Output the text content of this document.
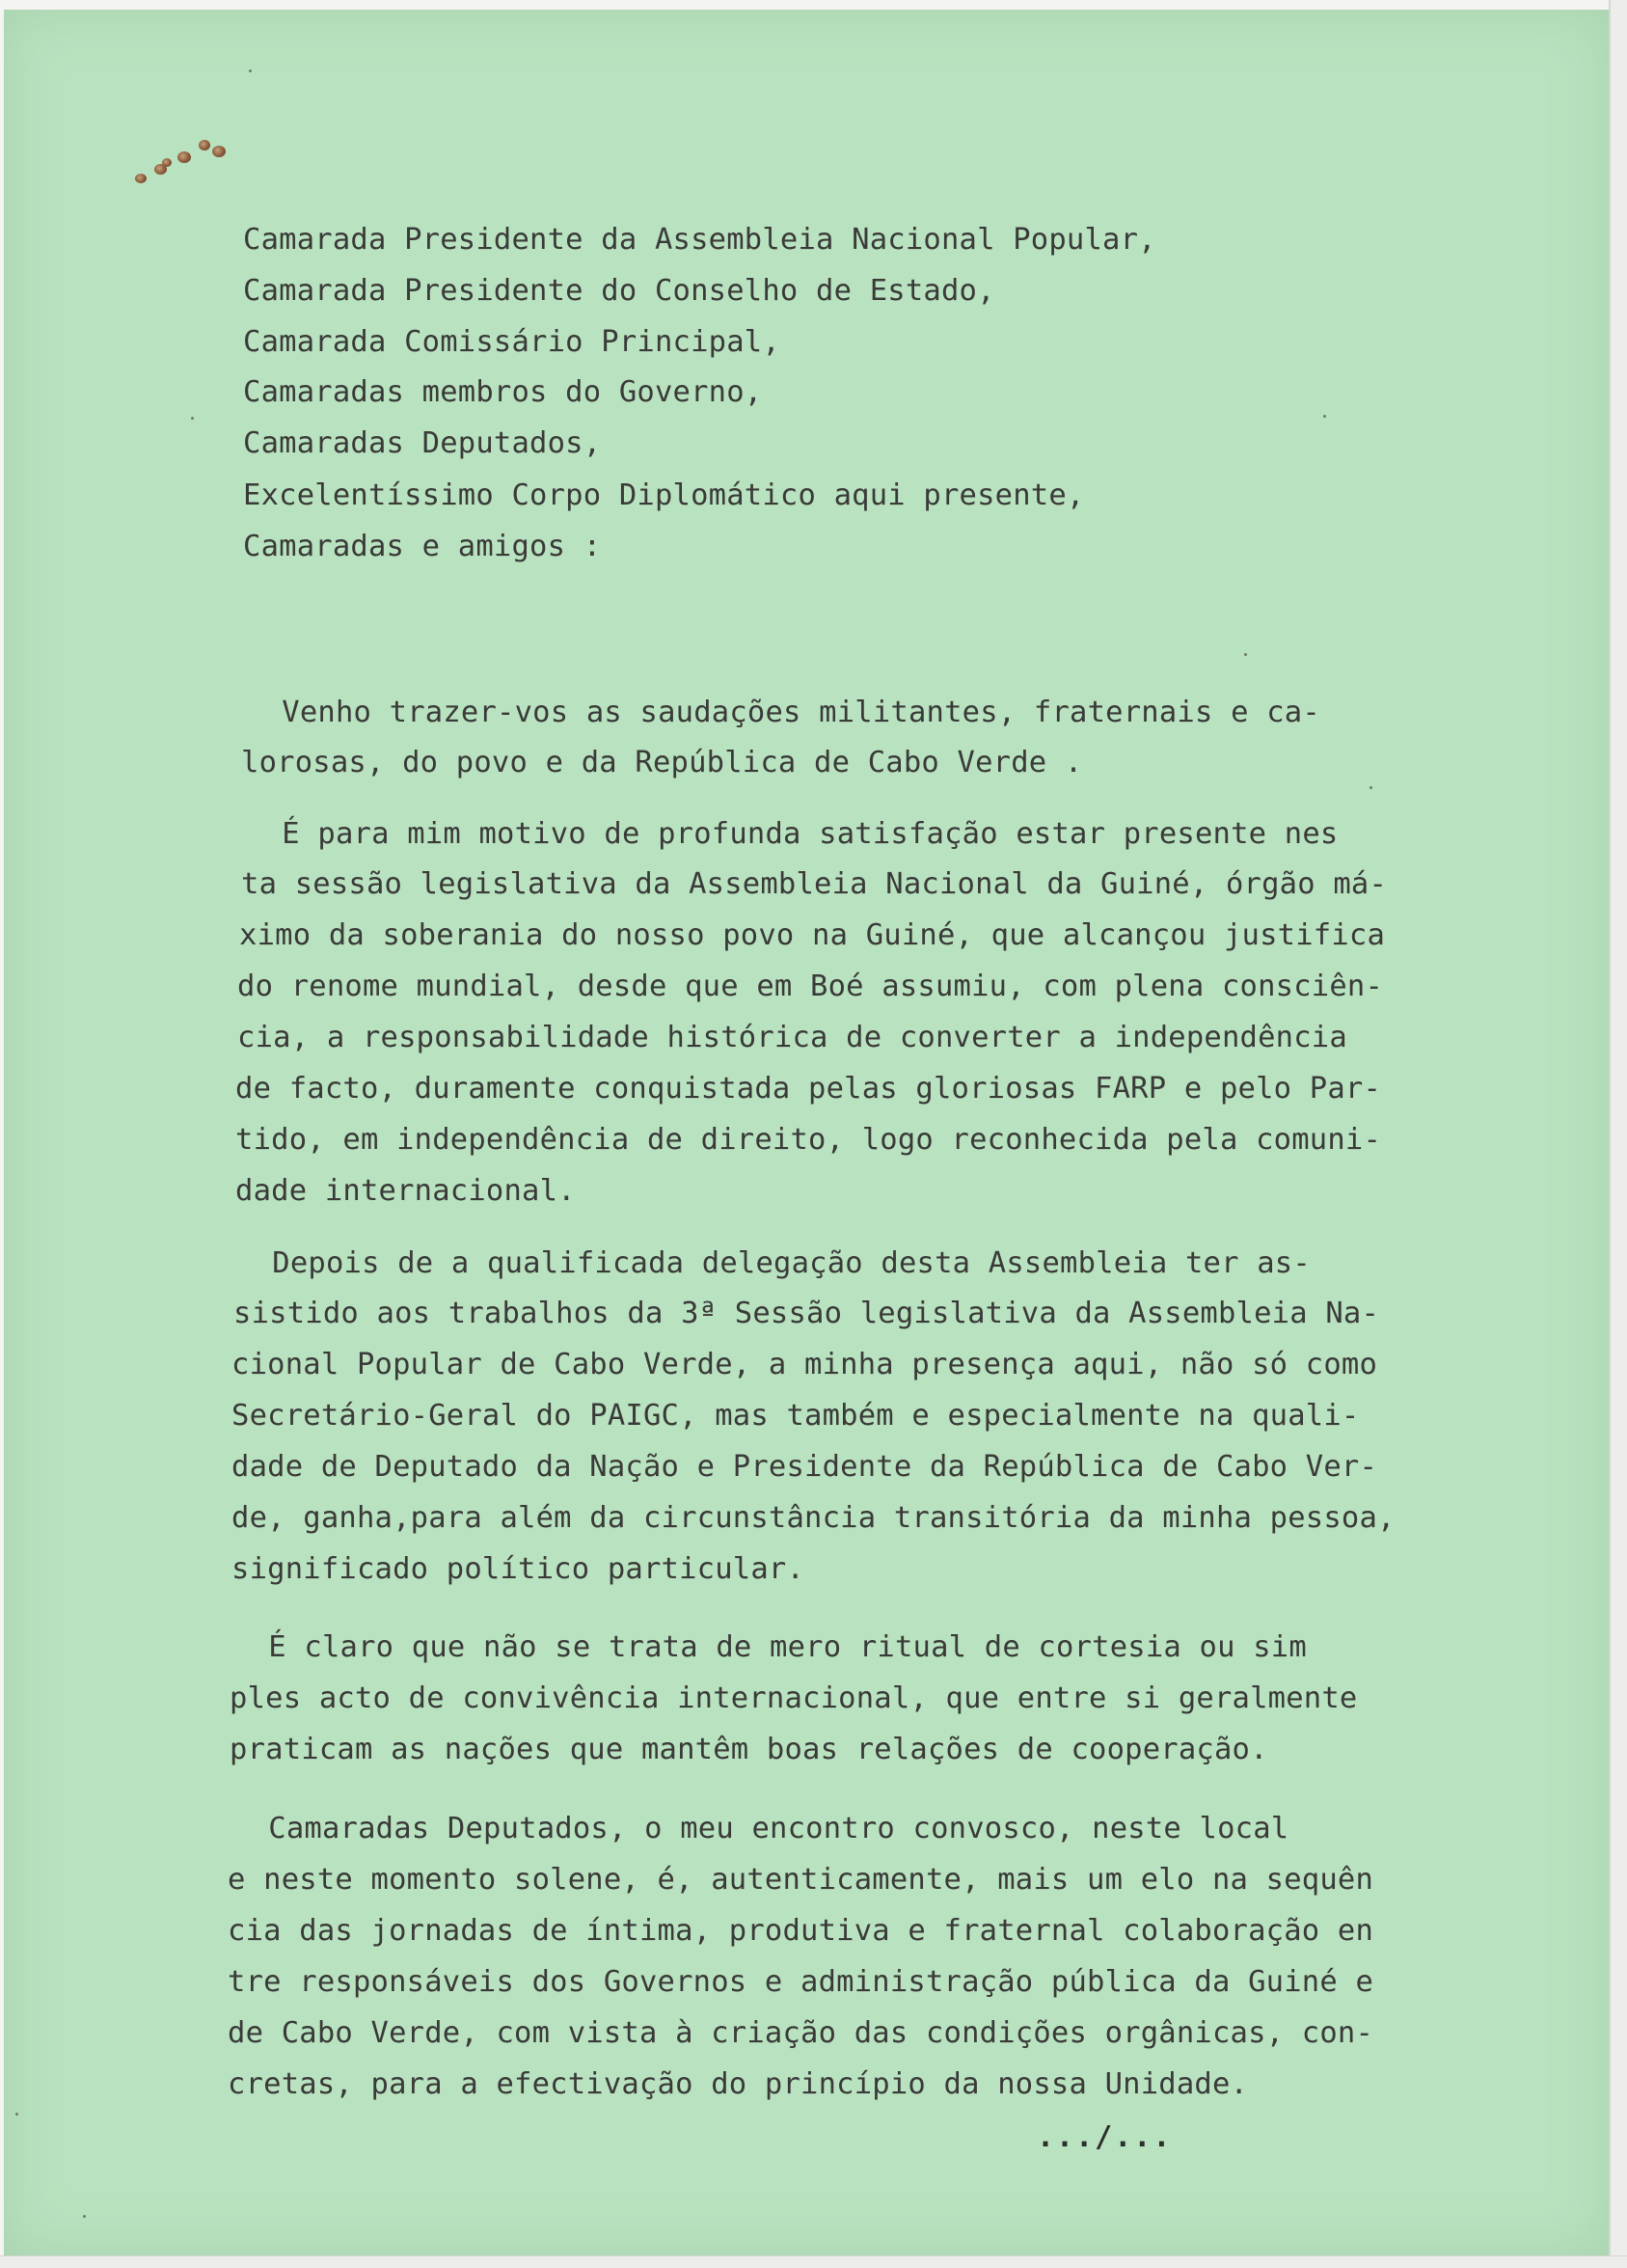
Camarada Presidente da Assembleia Nacional Popular,
Camarada Presidente do Conselho de Estado,
Camarada Comissário Principal,
Camaradas membros do Governo,
Camaradas Deputados,
Excelentíssimo Corpo Diplomático aqui presente,
Camaradas e amigos :
Venho trazer-vos as saudações militantes, fraternais e ca-
lorosas, do povo e da República de Cabo Verde .
É para mim motivo de profunda satisfação estar presente nes
ta sessão legislativa da Assembleia Nacional da Guiné, órgão má-
ximo da soberania do nosso povo na Guiné, que alcançou justifica
do renome mundial, desde que em Boé assumiu, com plena consciên-
cia, a responsabilidade histórica de converter a independência
de facto, duramente conquistada pelas gloriosas FARP e pelo Par-
tido, em independência de direito, logo reconhecida pela comuni-
dade internacional.
Depois de a qualificada delegação desta Assembleia ter as-
sistido aos trabalhos da 3ª Sessão legislativa da Assembleia Na-
cional Popular de Cabo Verde, a minha presença aqui, não só como
Secretário-Geral do PAIGC, mas também e especialmente na quali-
dade de Deputado da Nação e Presidente da República de Cabo Ver-
de, ganha,para além da circunstância transitória da minha pessoa,
significado político particular.
É claro que não se trata de mero ritual de cortesia ou sim
ples acto de convivência internacional, que entre si geralmente
praticam as nações que mantêm boas relações de cooperação.
Camaradas Deputados, o meu encontro convosco, neste local
e neste momento solene, é, autenticamente, mais um elo na sequên
cia das jornadas de íntima, produtiva e fraternal colaboração en
tre responsáveis dos Governos e administração pública da Guiné e
de Cabo Verde, com vista à criação das condições orgânicas, con-
cretas, para a efectivação do princípio da nossa Unidade.
.../...
